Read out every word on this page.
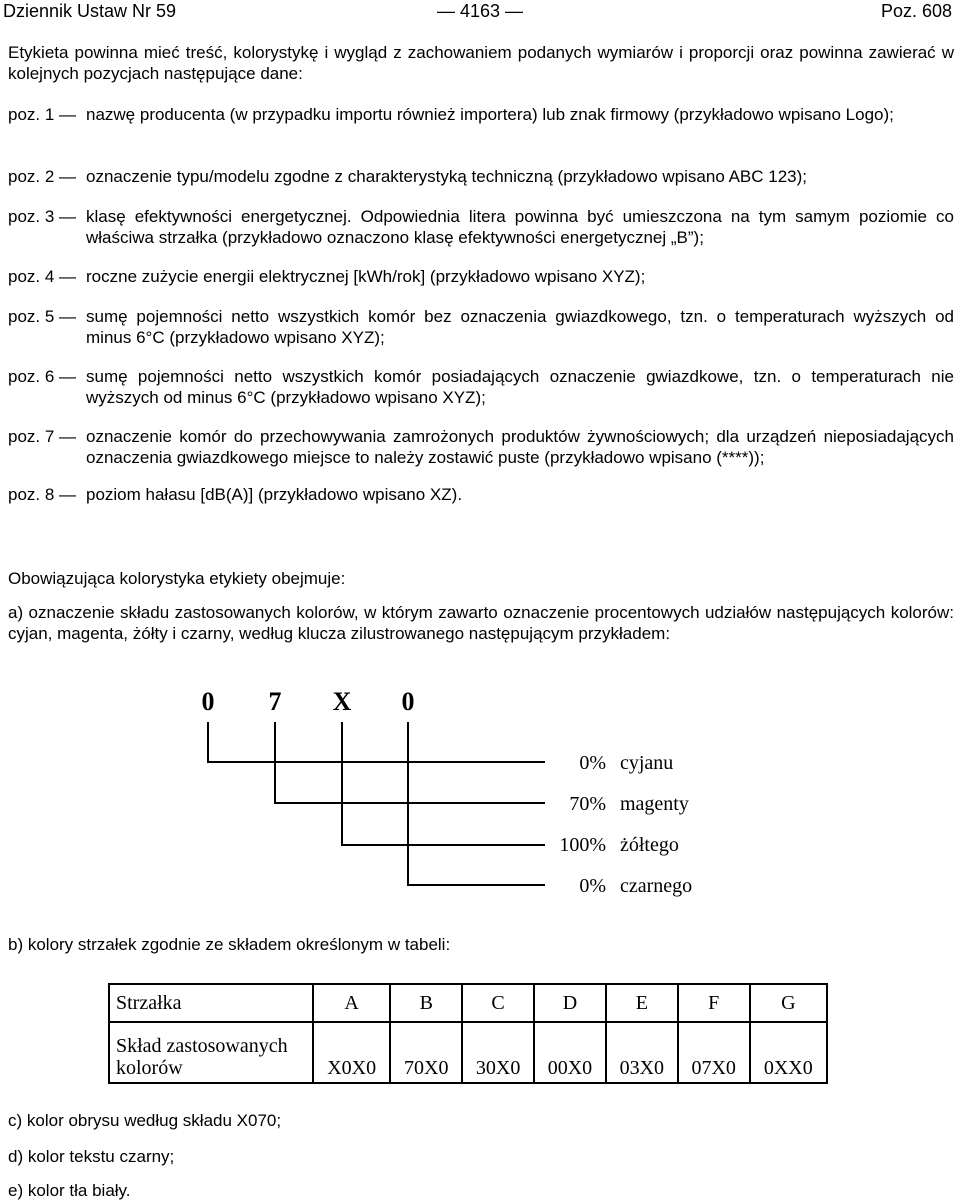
Dziennik Ustaw Nr 59	— 4163 —	Poz. 608
Etykieta powinna mieć treść, kolorystykę i wygląd z zachowaniem podanych wymiarów i proporcji oraz powinna zawierać w kolejnych pozycjach następujące dane:
poz. 1 — nazwę producenta (w przypadku importu również importera) lub znak firmowy (przykładowo wpisano Logo);
poz. 2 — oznaczenie typu/modelu zgodne z charakterystyką techniczną (przykładowo wpisano ABC 123);
poz. 3 — klasę efektywności energetycznej. Odpowiednia litera powinna być umieszczona na tym samym poziomie co właściwa strzałka (przykładowo oznaczono klasę efektywności energetycznej „B”);
poz. 4 — roczne zużycie energii elektrycznej [kWh/rok] (przykładowo wpisano XYZ);
poz. 5 — sumę pojemności netto wszystkich komór bez oznaczenia gwiazdkowego, tzn. o temperaturach wyższych od minus 6°C (przykładowo wpisano XYZ);
poz. 6 — sumę pojemności netto wszystkich komór posiadających oznaczenie gwiazdkowe, tzn. o temperaturach nie wyższych od minus 6°C (przykładowo wpisano XYZ);
poz. 7 — oznaczenie komór do przechowywania zamrożonych produktów żywnościowych; dla urządzeń nieposiadających oznaczenia gwiazdkowego miejsce to należy zostawić puste (przykładowo wpisano (****));
poz. 8 — poziom hałasu [dB(A)] (przykładowo wpisano XZ).
Obowiązująca kolorystyka etykiety obejmuje:
a) oznaczenie składu zastosowanych kolorów, w którym zawarto oznaczenie procentowych udziałów następujących kolorów: cyjan, magenta, żółty i czarny, według klucza zilustrowanego następującym przykładem:
0 7 X 0
0% cyjanu
70% magenty
100% żółtego
0% czarnego
b) kolory strzałek zgodnie ze składem określonym w tabeli:
Strzałka	A	B	C	D	E	F	G
Skład zastosowanych
kolorów	X0X0	70X0	30X0	00X0	03X0	07X0	0XX0
c) kolor obrysu według składu X070;
d) kolor tekstu czarny;
e) kolor tła biały.
